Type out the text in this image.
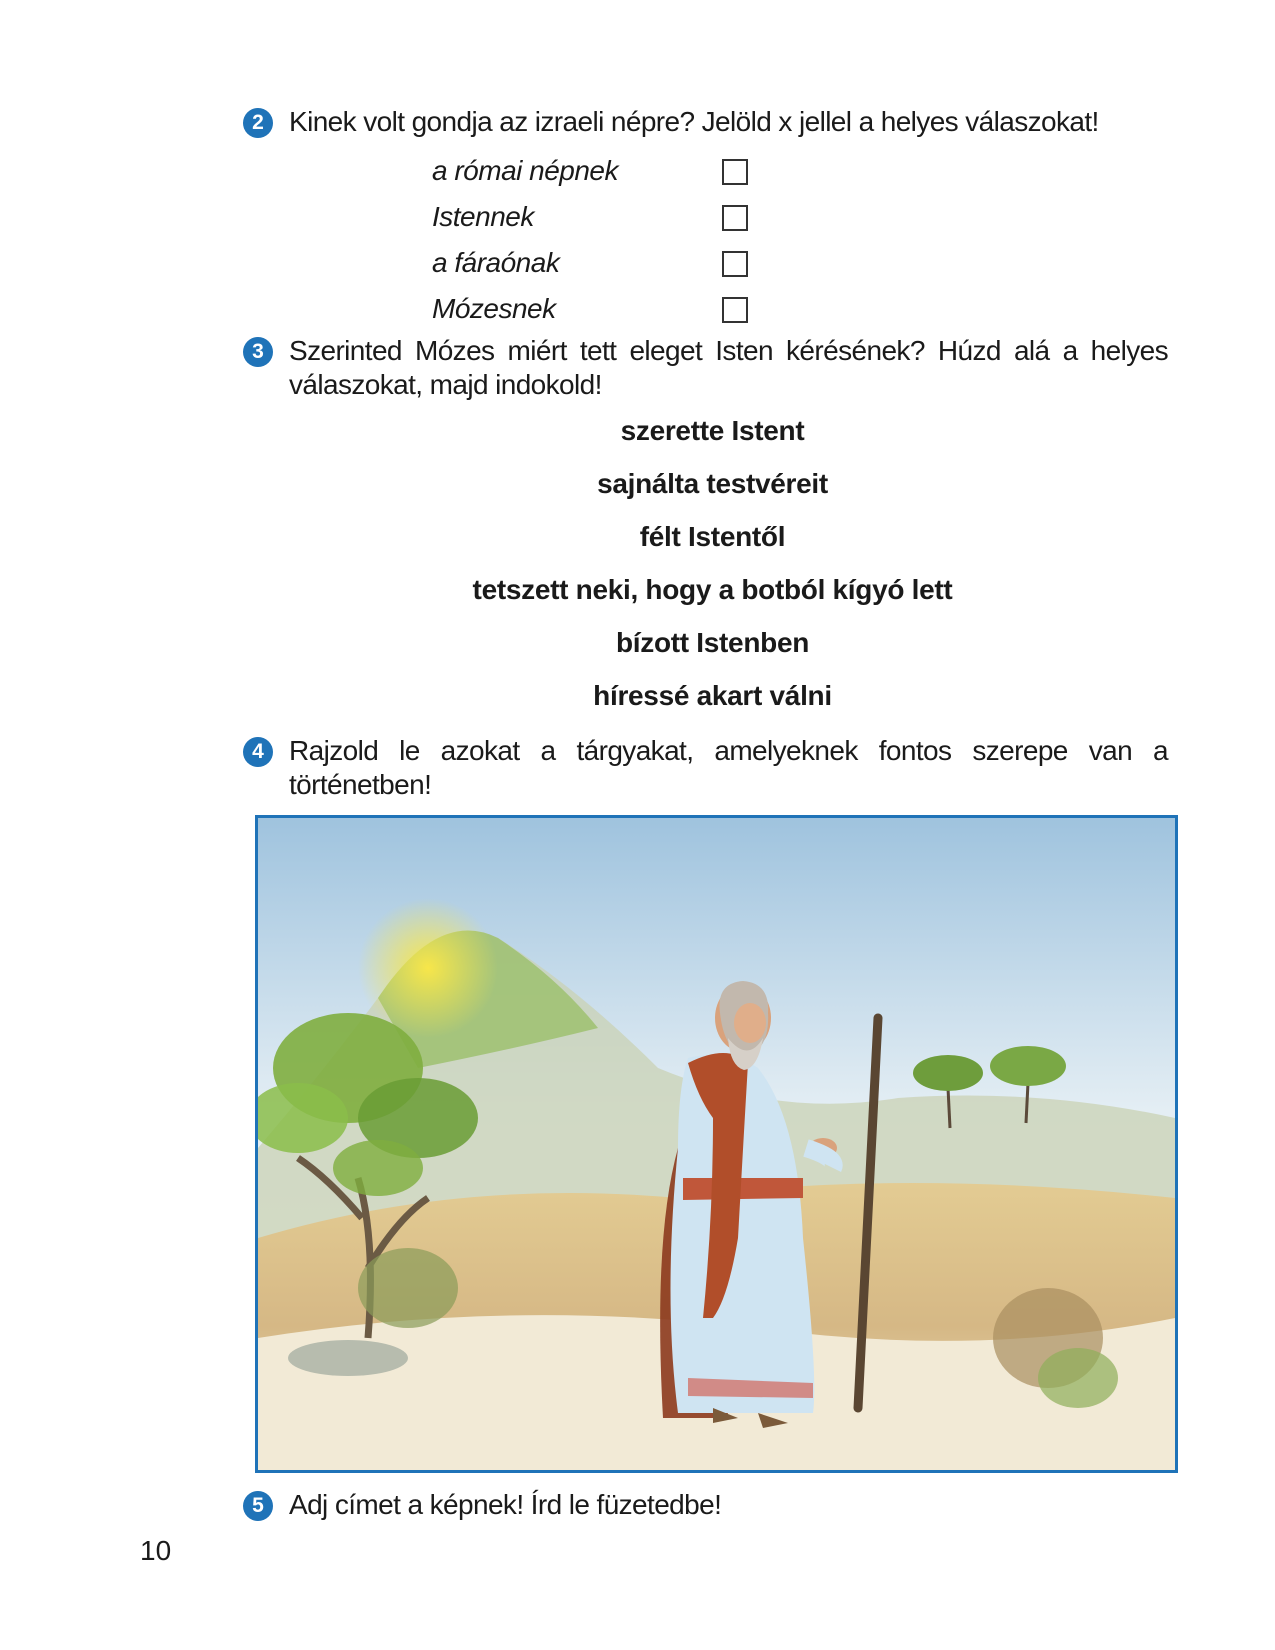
2 Kinek volt gondja az izraeli népre? Jelöld x jellel a helyes válaszokat!
a római népnek
Istennek
a fáraónak
Mózesnek
3 Szerinted Mózes miért tett eleget Isten kérésének? Húzd alá a helyes válaszokat, majd indokold!
szerette Istent
sajnálta testvéreit
félt Istentől
tetszett neki, hogy a botból kígyó lett
bízott Istenben
híressé akart válni
4 Rajzold le azokat a tárgyakat, amelyeknek fontos szerepe van a történetben!
5 Adj címet a képnek! Írd le füzetedbe!
10
